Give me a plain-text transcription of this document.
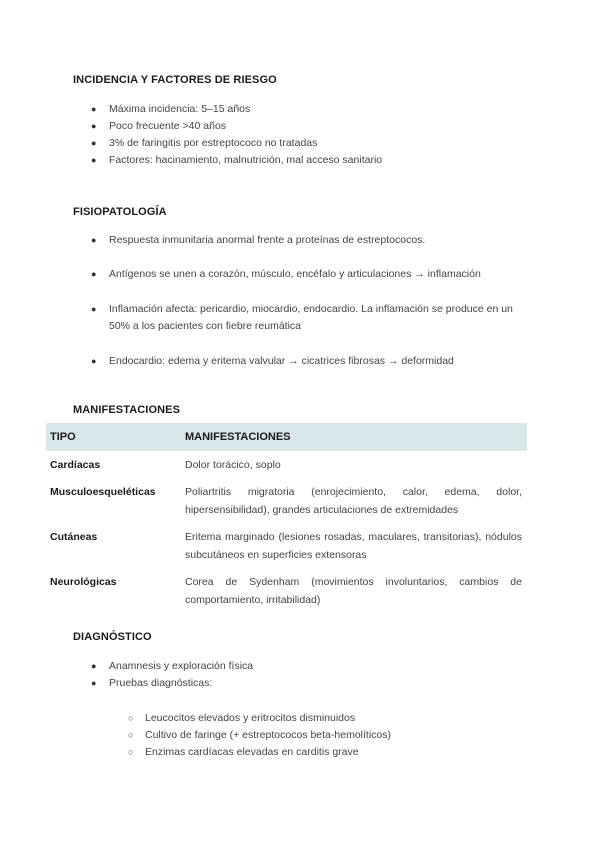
INCIDENCIA Y FACTORES DE RIESGO
● Máxima incidencia: 5–15 años
● Poco frecuente >40 años
● 3% de faringitis por estreptococo no tratadas
● Factores: hacinamiento, malnutrición, mal acceso sanitario
FISIOPATOLOGÍA
● Respuesta inmunitaria anormal frente a proteínas de estreptococos.
● Antígenos se unen a corazón, músculo, encéfalo y articulaciones → inflamación
● Inflamación afecta: pericardio, miocardio, endocardio. La inflamación se produce en un 50% a los pacientes con fiebre reumática
● Endocardio: edema y eritema valvular → cicatrices fibrosas → deformidad
MANIFESTACIONES
TIPO	MANIFESTACIONES
Cardíacas	Dolor torácico, soplo
Musculoesqueléticas	Poliartritis migratoria (enrojecimiento, calor, edema, dolor, hipersensibilidad), grandes articulaciones de extremidades
Cutáneas	Eritema marginado (lesiones rosadas, maculares, transitorias), nódulos subcutáneos en superficies extensoras
Neurológicas	Corea de Sydenham (movimientos involuntarios, cambios de comportamiento, irritabilidad)
DIAGNÓSTICO
● Anamnesis y exploración física
● Pruebas diagnósticas:
○ Leucocitos elevados y eritrocitos disminuidos
○ Cultivo de faringe (+ estreptococos beta-hemolíticos)
○ Enzimas cardíacas elevadas en carditis grave
